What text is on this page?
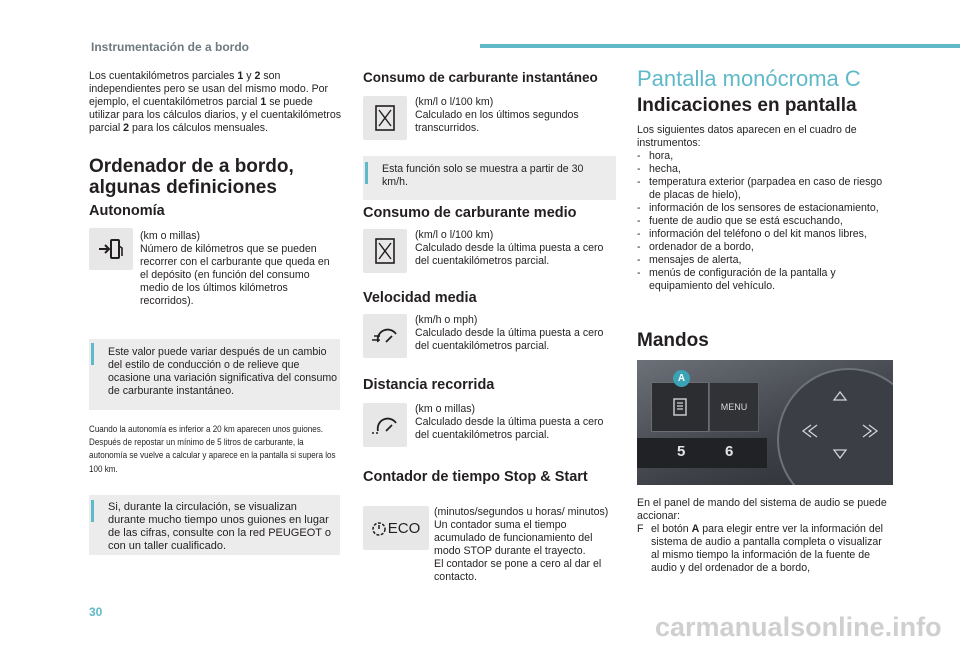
Instrumentación de a bordo
Los cuentakilómetros parciales 1 y 2 son independientes pero se usan del mismo modo. Por ejemplo, el cuentakilómetros parcial 1 se puede utilizar para los cálculos diarios, y el cuentakilómetros parcial 2 para los cálculos mensuales.
Ordenador de a bordo, algunas definiciones
Autonomía
(km o millas)
Número de kilómetros que se pueden recorrer con el carburante que queda en el depósito (en función del consumo medio de los últimos kilómetros recorridos).
Este valor puede variar después de un cambio del estilo de conducción o de relieve que ocasione una variación significativa del consumo de carburante instantáneo.
Cuando la autonomía es inferior a 20 km aparecen unos guiones. Después de repostar un mínimo de 5 litros de carburante, la autonomía se vuelve a calcular y aparece en la pantalla si supera los 100 km.
Si, durante la circulación, se visualizan durante mucho tiempo unos guiones en lugar de las cifras, consulte con la red PEUGEOT o con un taller cualificado.
Consumo de carburante instantáneo
(km/l o l/100 km)
Calculado en los últimos segundos transcurridos.
Esta función solo se muestra a partir de 30 km/h.
Consumo de carburante medio
(km/l o l/100 km)
Calculado desde la última puesta a cero del cuentakilómetros parcial.
Velocidad media
(km/h o mph)
Calculado desde la última puesta a cero del cuentakilómetros parcial.
Distancia recorrida
(km o millas)
Calculado desde la última puesta a cero del cuentakilómetros parcial.
Contador de tiempo Stop & Start
ECO
(minutos/segundos u horas/ minutos)
Un contador suma el tiempo acumulado de funcionamiento del modo STOP durante el trayecto.
El contador se pone a cero al dar el contacto.
Pantalla monócroma C
Indicaciones en pantalla
Los siguientes datos aparecen en el cuadro de instrumentos:
- hora,
- hecha,
- temperatura exterior (parpadea en caso de riesgo de placas de hielo),
- información de los sensores de estacionamiento,
- fuente de audio que se está escuchando,
- información del teléfono o del kit manos libres,
- ordenador de a bordo,
- mensajes de alerta,
- menús de configuración de la pantalla y equipamiento del vehículo.
Mandos
A
MENU
5	6
En el panel de mando del sistema de audio se puede accionar:
F el botón A para elegir entre ver la información del sistema de audio a pantalla completa o visualizar al mismo tiempo la información de la fuente de audio y del ordenador de a bordo,
30	carmanualsonline.info
